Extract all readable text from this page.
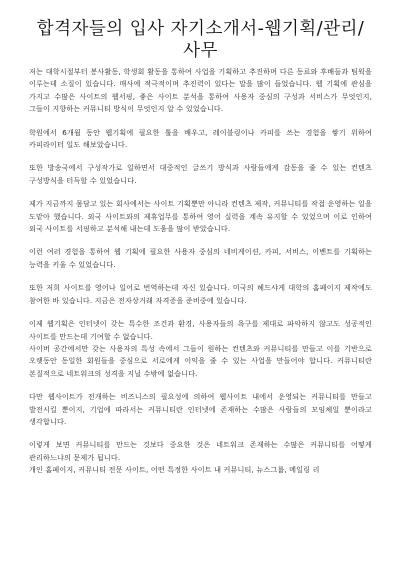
합격자들의 입사 자기소개서-웹기획/관리/사무

저는 대학시절부터 봉사활동, 학생회 활동을 통하여 사업을 기획하고 추진하며 다른 동료와 후배들과 팀웍을 이루는데 소질이 있습니다. 매사에 적극적이며 추진력이 있다는 말을 많이 들었습니다. 웹 기획에 관심을 가지고 수많은 사이트의 웹서핑, 좋은 사이트 분석을 통하여 사용자 중심의 구성과 서비스가 무엇인지, 그들이 지향하는 커뮤니티 방식이 무엇인지 알 수 있었습니다.

학원에서 6개월 동안 웹기획에 필요한 툴을 배우고, 레이블링이나 카피를 쓰는 경험을 쌓기 위하여 카피라이터 일도 해보았습니다.

또한 방송국에서 구성작가로 일하면서 대중적인 글쓰기 방식과 사람들에게 감동을 줄 수 있는 컨텐츠 구성방식을 터득할 수 있었습니다.

제가 지금까지 몸담고 있는 회사에서는 사이트 기획뿐만 아니라 컨텐츠 제작, 커뮤니티를 작접 운영하는 일을 도맡아 했습니다. 외국 사이트와의 제휴업무를 통하여 영어 실력을 계속 유지할 수 있었으며 이로 인하여 외국 사이트를 서핑하고 분석해 내는데 도움을 많이 받았습니다.

이런 여러 경험을 통하여 웹 기획에 필요한 사용자 중심의 네비게이션, 카피, 서비스, 이벤트를 기획하는 능력을 키울 수 있었습니다.

또한 저희 사이트를 영어나 일어로 번역하는데 자신 있습니다. 미국의 헤드샤게 대학의 홈페이지 제작에도 참여한 바 있습니다. 지금은 전자상거래 자격증을 준비중에 있습니다.

이제 웹기획은 인터넷이 갖는 특수한 조건과 환경, 사용자들의 욕구를 제대로 파악하지 않고도 성공적인 사이트를 만드는데 기여할 수 없습니다.

사이버 공간에서만 갖는 사용자의 특성 속에서 그들이 원하는 컨텐츠와 커뮤니티를 만들고 이를 기반으로 오랫동안 동일한 회원들을 중심으로 서로에게 이익을 줄 수 있는 사업을 만들어야 합니다. 커뮤니티란 본질적으로 네트워크의 성격을 지닐 수밖에 없습니다.

다만 웹사이트가 전개하는 비즈니스의 필요성에 의하여 웹사이트 내에서 운영되는 커뮤니티를 만들고 발전시킬 뿐이지, 기업에 따라서는 커뮤니티란 인터넷에 존재하는 수많은 사람들의 모임체일 뿐이라고 생각합니다.

이렇게 보면 커뮤니티를 만드는 것보다 중요한 것은 네트워크 존재하는 수많은 커뮤니티를 어떻게 관리하느냐의 문제가 됩니다.

개인 홈페이지, 커뮤니티 전문 사이트, 어떤 특정한 사이트 내 커뮤니티, 뉴스그룹, 메일링 리
